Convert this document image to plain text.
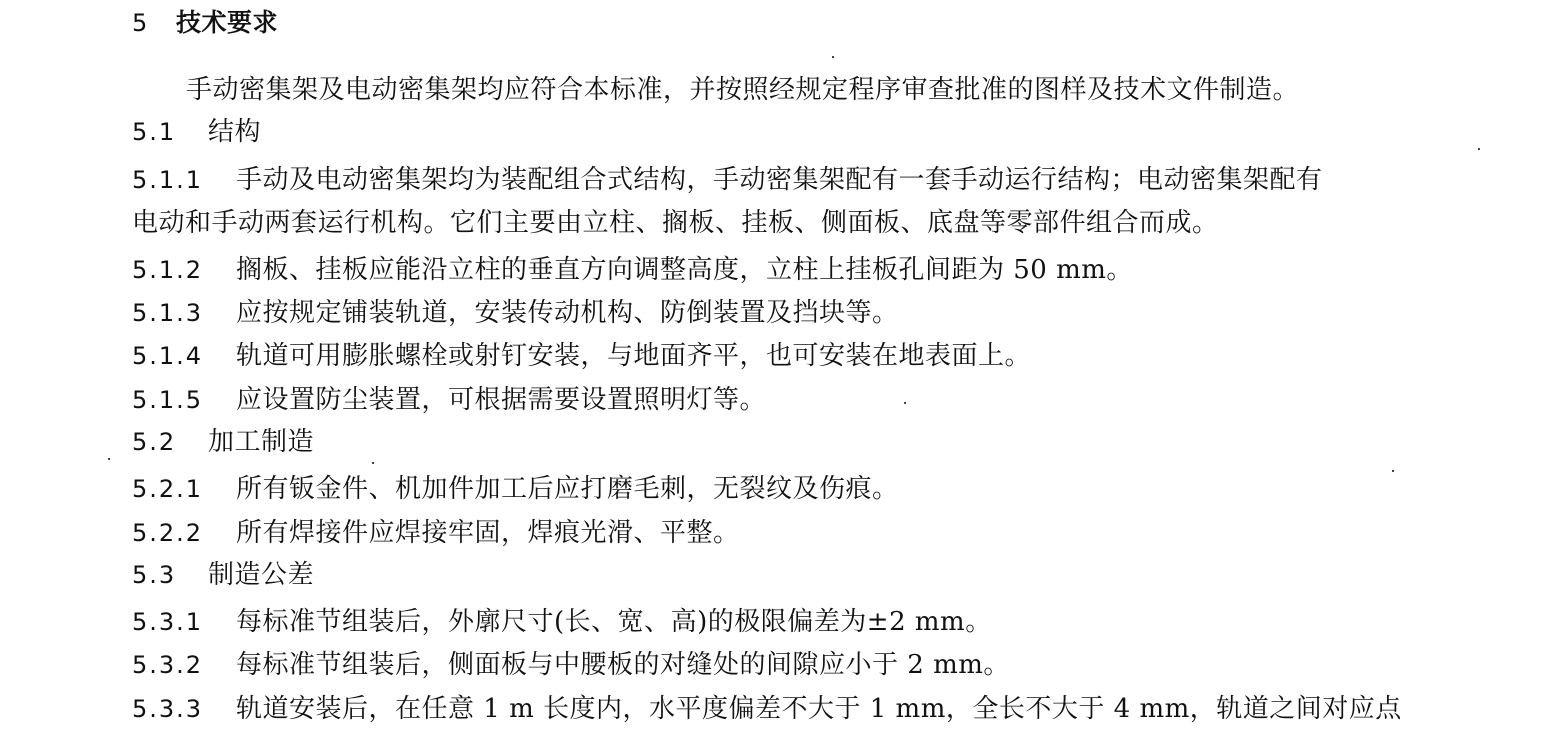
5 技术要求
手动密集架及电动密集架均应符合本标准，并按照经规定程序审查批准的图样及技术文件制造。
5.1 结构
5.1.1 手动及电动密集架均为装配组合式结构，手动密集架配有一套手动运行结构；电动密集架配有
电动和手动两套运行机构。它们主要由立柱、搁板、挂板、侧面板、底盘等零部件组合而成。
5.1.2 搁板、挂板应能沿立柱的垂直方向调整高度，立柱上挂板孔间距为 50 mm。
5.1.3 应按规定铺装轨道，安装传动机构、防倒装置及挡块等。
5.1.4 轨道可用膨胀螺栓或射钉安装，与地面齐平，也可安装在地表面上。
5.1.5 应设置防尘装置，可根据需要设置照明灯等。
5.2 加工制造
5.2.1 所有钣金件、机加件加工后应打磨毛刺，无裂纹及伤痕。
5.2.2 所有焊接件应焊接牢固，焊痕光滑、平整。
5.3 制造公差
5.3.1 每标准节组装后，外廓尺寸(长、宽、高)的极限偏差为±2 mm。
5.3.2 每标准节组装后，侧面板与中腰板的对缝处的间隙应小于 2 mm。
5.3.3 轨道安装后，在任意 1 m 长度内，水平度偏差不大于 1 mm，全长不大于 4 mm，轨道之间对应点
